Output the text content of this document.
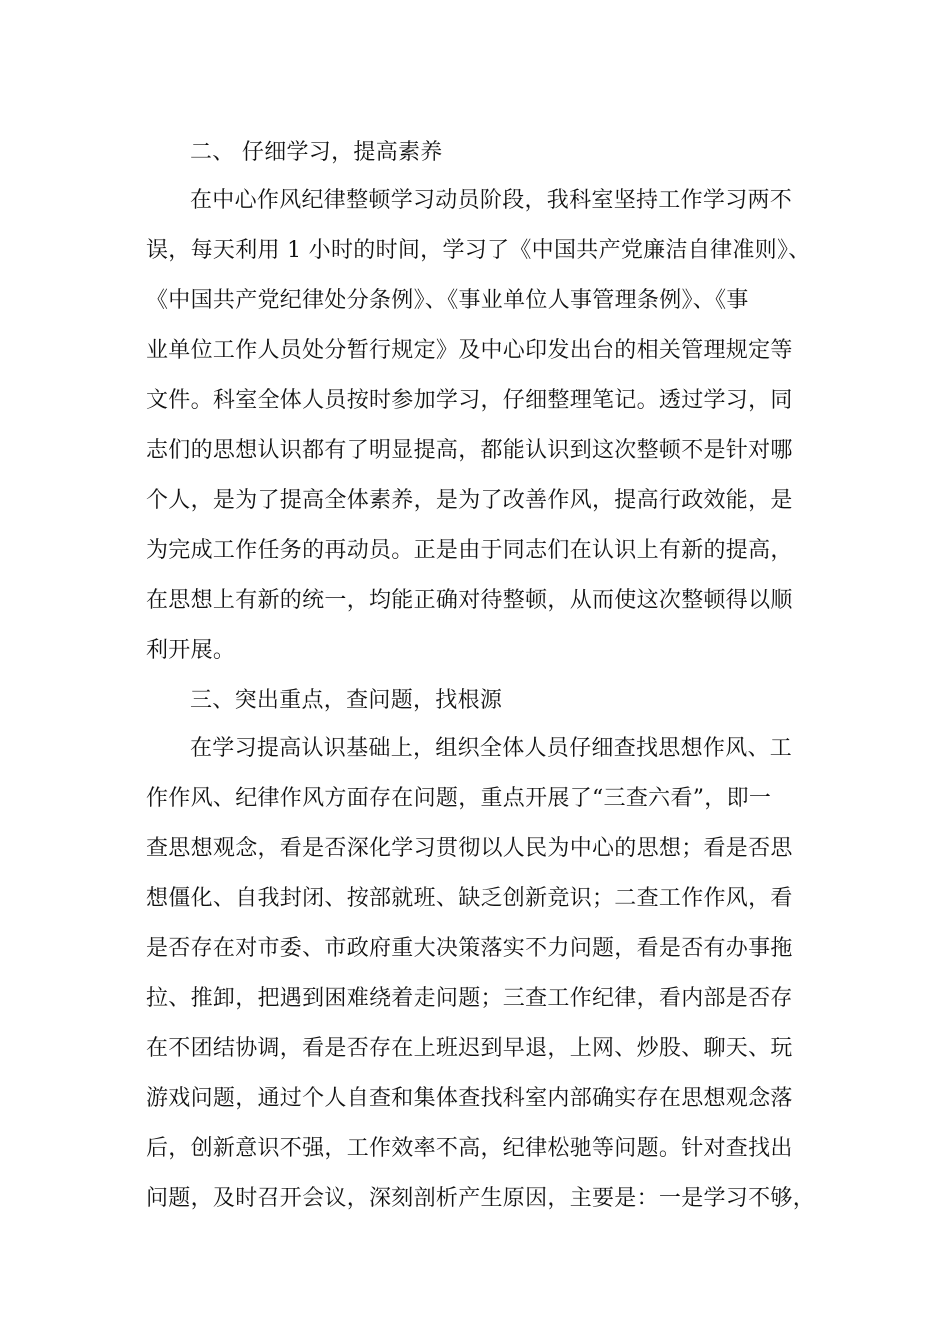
二、 仔细学习，提高素养
在中心作风纪律整顿学习动员阶段，我科室坚持工作学习两不
误，每天利用 1 小时的时间，学习了《中国共产党廉洁自律准则》、
《中国共产党纪律处分条例》、《事业单位人事管理条例》、《事
业单位工作人员处分暂行规定》及中心印发出台的相关管理规定等
文件。科室全体人员按时参加学习，仔细整理笔记。透过学习，同
志们的思想认识都有了明显提高，都能认识到这次整顿不是针对哪
个人，是为了提高全体素养，是为了改善作风，提高行政效能，是
为完成工作任务的再动员。正是由于同志们在认识上有新的提高，
在思想上有新的统一，均能正确对待整顿，从而使这次整顿得以顺
利开展。
三、突出重点，查问题，找根源
在学习提高认识基础上，组织全体人员仔细查找思想作风、工
作作风、纪律作风方面存在问题，重点开展了“三查六看”，即一
查思想观念，看是否深化学习贯彻以人民为中心的思想；看是否思
想僵化、自我封闭、按部就班、缺乏创新竞识；二查工作作风，看
是否存在对市委、市政府重大决策落实不力问题，看是否有办事拖
拉、推卸，把遇到困难绕着走问题；三查工作纪律，看内部是否存
在不团结协调，看是否存在上班迟到早退，上网、炒股、聊天、玩
游戏问题，通过个人自查和集体查找科室内部确实存在思想观念落
后，创新意识不强，工作效率不高，纪律松驰等问题。针对查找出
问题，及时召开会议，深刻剖析产生原因，主要是：一是学习不够，
